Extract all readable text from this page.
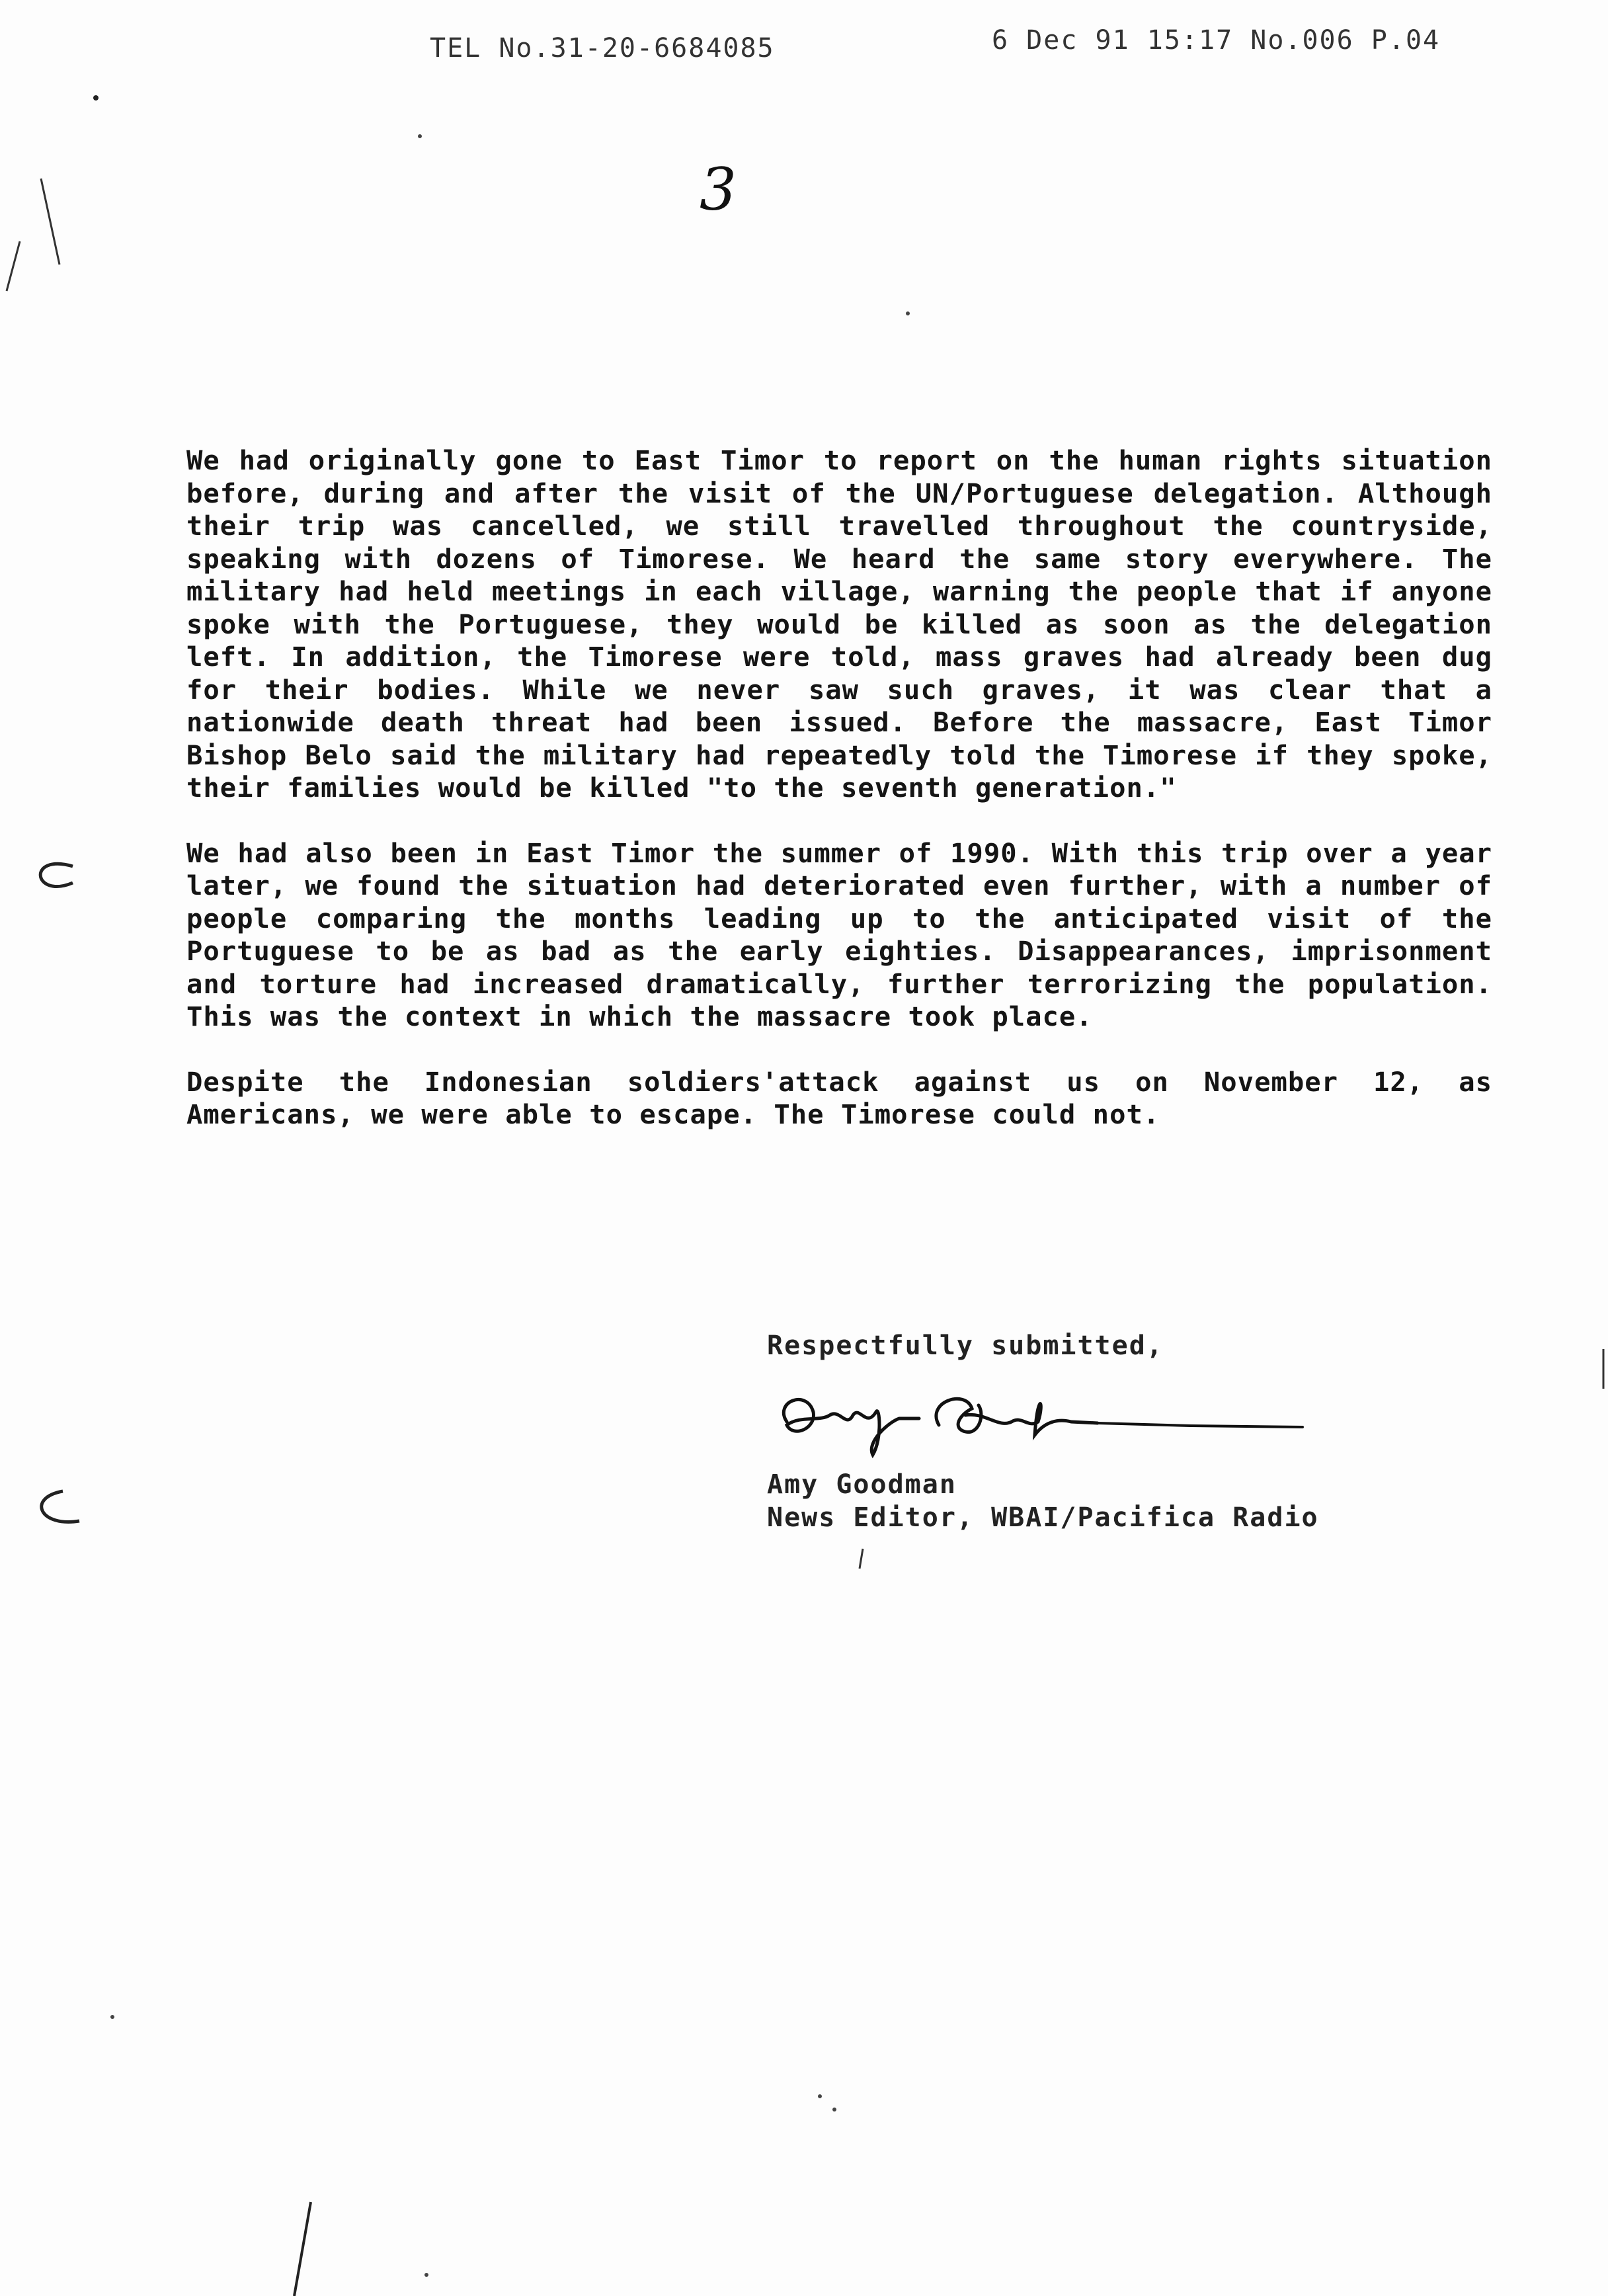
TEL No.31-20-6684085	6 Dec 91 15:17 No.006 P.04
3

We had originally gone to East Timor to report on the human rights situation before, during and after the visit of the UN/Portuguese delegation. Although their trip was cancelled, we still travelled throughout the countryside, speaking with dozens of Timorese. We heard the same story everywhere. The military had held meetings in each village, warning the people that if anyone spoke with the Portuguese, they would be killed as soon as the delegation left. In addition, the Timorese were told, mass graves had already been dug for their bodies. While we never saw such graves, it was clear that a nationwide death threat had been issued. Before the massacre, East Timor Bishop Belo said the military had repeatedly told the Timorese if they spoke, their families would be killed "to the seventh generation."

We had also been in East Timor the summer of 1990. With this trip over a year later, we found the situation had deteriorated even further, with a number of people comparing the months leading up to the anticipated visit of the Portuguese to be as bad as the early eighties. Disappearances, imprisonment and torture had increased dramatically, further terrorizing the population. This was the context in which the massacre took place.

Despite the Indonesian soldiers'attack against us on November 12, as Americans, we were able to escape. The Timorese could not.

Respectfully submitted,
Amy Goodman
News Editor, WBAI/Pacifica Radio
